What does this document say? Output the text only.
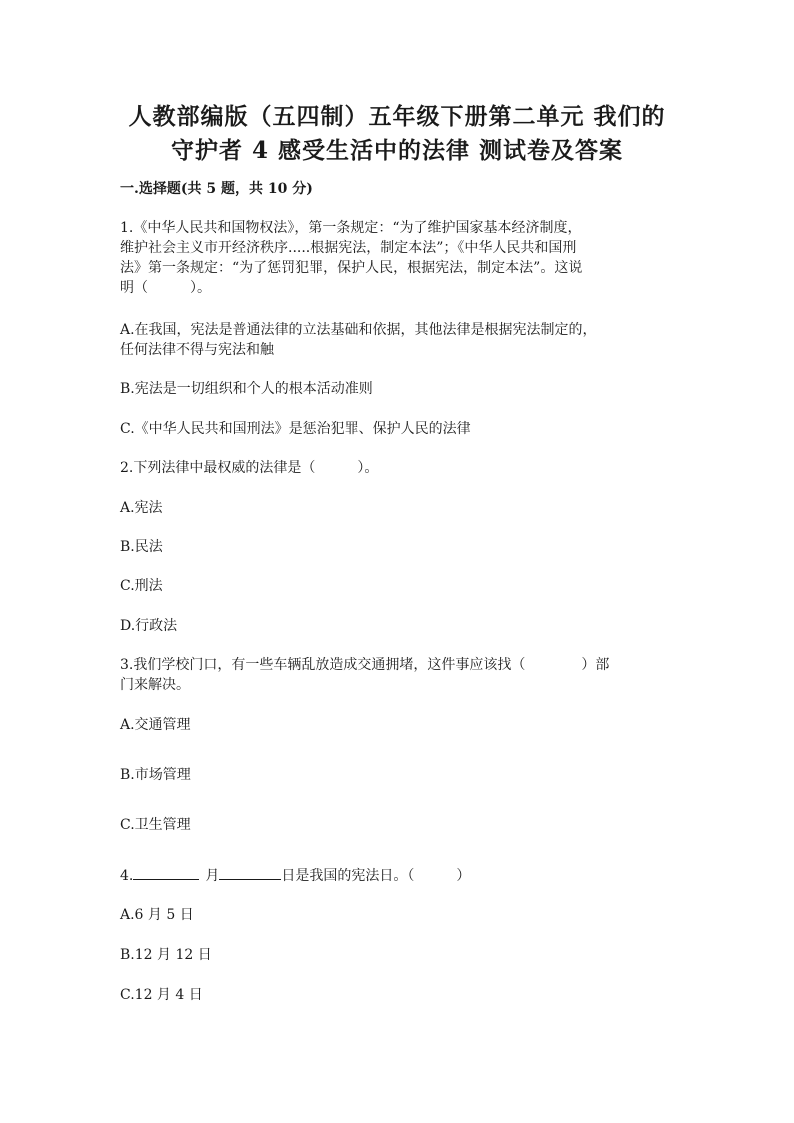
人教部编版（五四制）五年级下册第二单元 我们的
守护者 4 感受生活中的法律 测试卷及答案
一.选择题(共 5 题，共 10 分)
1.《中华人民共和国物权法》，第一条规定：“为了维护国家基本经济制度，
维护社会主义市开经济秩序.....根据宪法，制定本法”；《中华人民共和国刑
法》第一条规定：“为了惩罚犯罪，保护人民，根据宪法，制定本法”。这说
明（　　　）。
A.在我国，宪法是普通法律的立法基础和依据，其他法律是根据宪法制定的，
任何法律不得与宪法和触
B.宪法是一切组织和个人的根本活动准则
C.《中华人民共和国刑法》是惩治犯罪、保护人民的法律
2.下列法律中最权威的法律是（　　　）。
A.宪法
B.民法
C.刑法
D.行政法
3.我们学校门口，有一些车辆乱放造成交通拥堵，这件事应该找（　　　　）部
门来解决。
A.交通管理
B.市场管理
C.卫生管理
4.	月	日是我国的宪法日。（　　　）
A.6 月 5 日
B.12 月 12 日
C.12 月 4 日
